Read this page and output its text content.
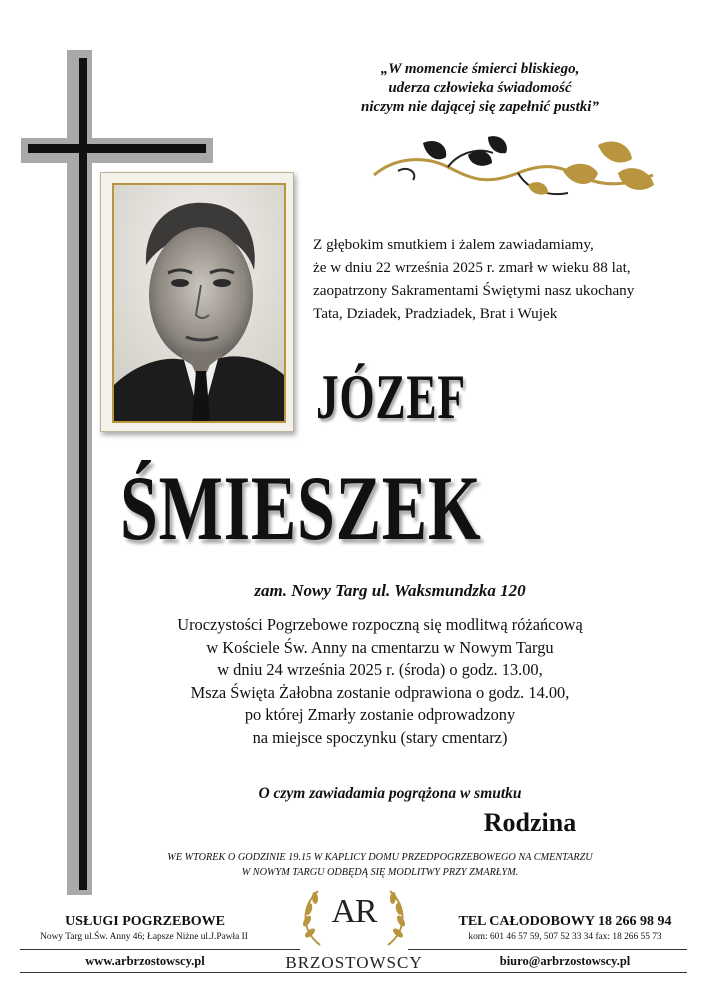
„W momencie śmierci bliskiego,
uderza człowieka świadomość
niczym nie dającej się zapełnić pustki”
Z głębokim smutkiem i żalem zawiadamiamy,
że w dniu 22 września 2025 r. zmarł w wieku 88 lat,
zaopatrzony Sakramentami Świętymi nasz ukochany
Tata, Dziadek, Pradziadek, Brat i Wujek
JÓZEF
ŚMIESZEK
zam. Nowy Targ ul. Waksmundzka 120
Uroczystości Pogrzebowe rozpoczną się modlitwą różańcową
w Kościele Św. Anny na cmentarzu w Nowym Targu
w dniu 24 września 2025 r. (środa) o godz. 13.00,
Msza Święta Żałobna zostanie odprawiona o godz. 14.00,
po której Zmarły zostanie odprowadzony
na miejsce spoczynku (stary cmentarz)
O czym zawiadamia pogrążona w smutku
Rodzina
WE WTOREK O GODZINIE 19.15 W KAPLICY DOMU PRZEDPOGRZEBOWEGO NA CMENTARZU
W NOWYM TARGU ODBĘDĄ SIĘ MODLITWY PRZY ZMARŁYM.
USŁUGI POGRZEBOWE
Nowy Targ ul.Św. Anny 46; Łapsze Niżne ul.J.Pawła II
www.arbrzostowscy.pl
AR
BRZOSTOWSCY
TEL CAŁODOBOWY 18 266 98 94
kom: 601 46 57 59, 507 52 33 34 fax: 18 266 55 73
biuro@arbrzostowscy.pl
